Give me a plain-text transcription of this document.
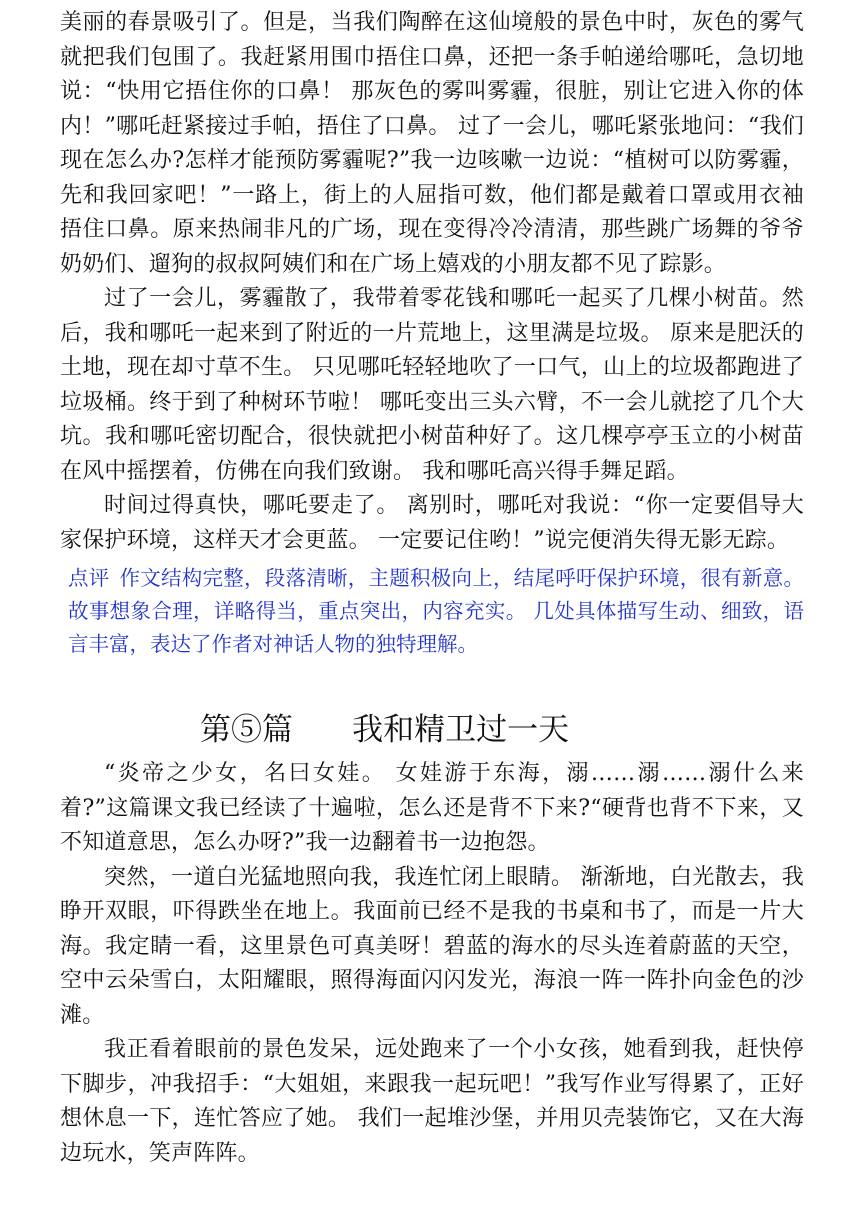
美丽的春景吸引了。但是，当我们陶醉在这仙境般的景色中时，灰色的雾气就把我们包围了。我赶紧用围巾捂住口鼻，还把一条手帕递给哪吒，急切地说：“快用它捂住你的口鼻！ 那灰色的雾叫雾霾，很脏，别让它进入你的体内！”哪吒赶紧接过手帕，捂住了口鼻。 过了一会儿，哪吒紧张地问：“我们现在怎么办?怎样才能预防雾霾呢?”我一边咳嗽一边说：“植树可以防雾霾，先和我回家吧！”一路上，街上的人屈指可数，他们都是戴着口罩或用衣袖捂住口鼻。原来热闹非凡的广场，现在变得冷冷清清，那些跳广场舞的爷爷奶奶们、遛狗的叔叔阿姨们和在广场上嬉戏的小朋友都不见了踪影。

过了一会儿，雾霾散了，我带着零花钱和哪吒一起买了几棵小树苗。然后，我和哪吒一起来到了附近的一片荒地上，这里满是垃圾。 原来是肥沃的土地，现在却寸草不生。 只见哪吒轻轻地吹了一口气，山上的垃圾都跑进了垃圾桶。终于到了种树环节啦！ 哪吒变出三头六臂，不一会儿就挖了几个大坑。我和哪吒密切配合，很快就把小树苗种好了。这几棵亭亭玉立的小树苗在风中摇摆着，仿佛在向我们致谢。 我和哪吒高兴得手舞足蹈。

时间过得真快，哪吒要走了。 离别时，哪吒对我说：“你一定要倡导大家保护环境，这样天才会更蓝。 一定要记住哟！”说完便消失得无影无踪。

点评 作文结构完整，段落清晰，主题积极向上，结尾呼吁保护环境，很有新意。 故事想象合理，详略得当，重点突出，内容充实。 几处具体描写生动、细致，语言丰富，表达了作者对神话人物的独特理解。
第⑤篇      我和精卫过一天

“炎帝之少女，名曰女娃。 女娃游于东海，溺……溺……溺什么来着?”这篇课文我已经读了十遍啦，怎么还是背不下来?“硬背也背不下来，又不知道意思，怎么办呀?”我一边翻着书一边抱怨。

突然，一道白光猛地照向我，我连忙闭上眼睛。 渐渐地，白光散去，我睁开双眼，吓得跌坐在地上。我面前已经不是我的书桌和书了，而是一片大海。我定睛一看，这里景色可真美呀！碧蓝的海水的尽头连着蔚蓝的天空，空中云朵雪白，太阳耀眼，照得海面闪闪发光，海浪一阵一阵扑向金色的沙滩。

我正看着眼前的景色发呆，远处跑来了一个小女孩，她看到我，赶快停下脚步，冲我招手：“大姐姐，来跟我一起玩吧！”我写作业写得累了，正好想休息一下，连忙答应了她。 我们一起堆沙堡，并用贝壳装饰它，又在大海边玩水，笑声阵阵。
